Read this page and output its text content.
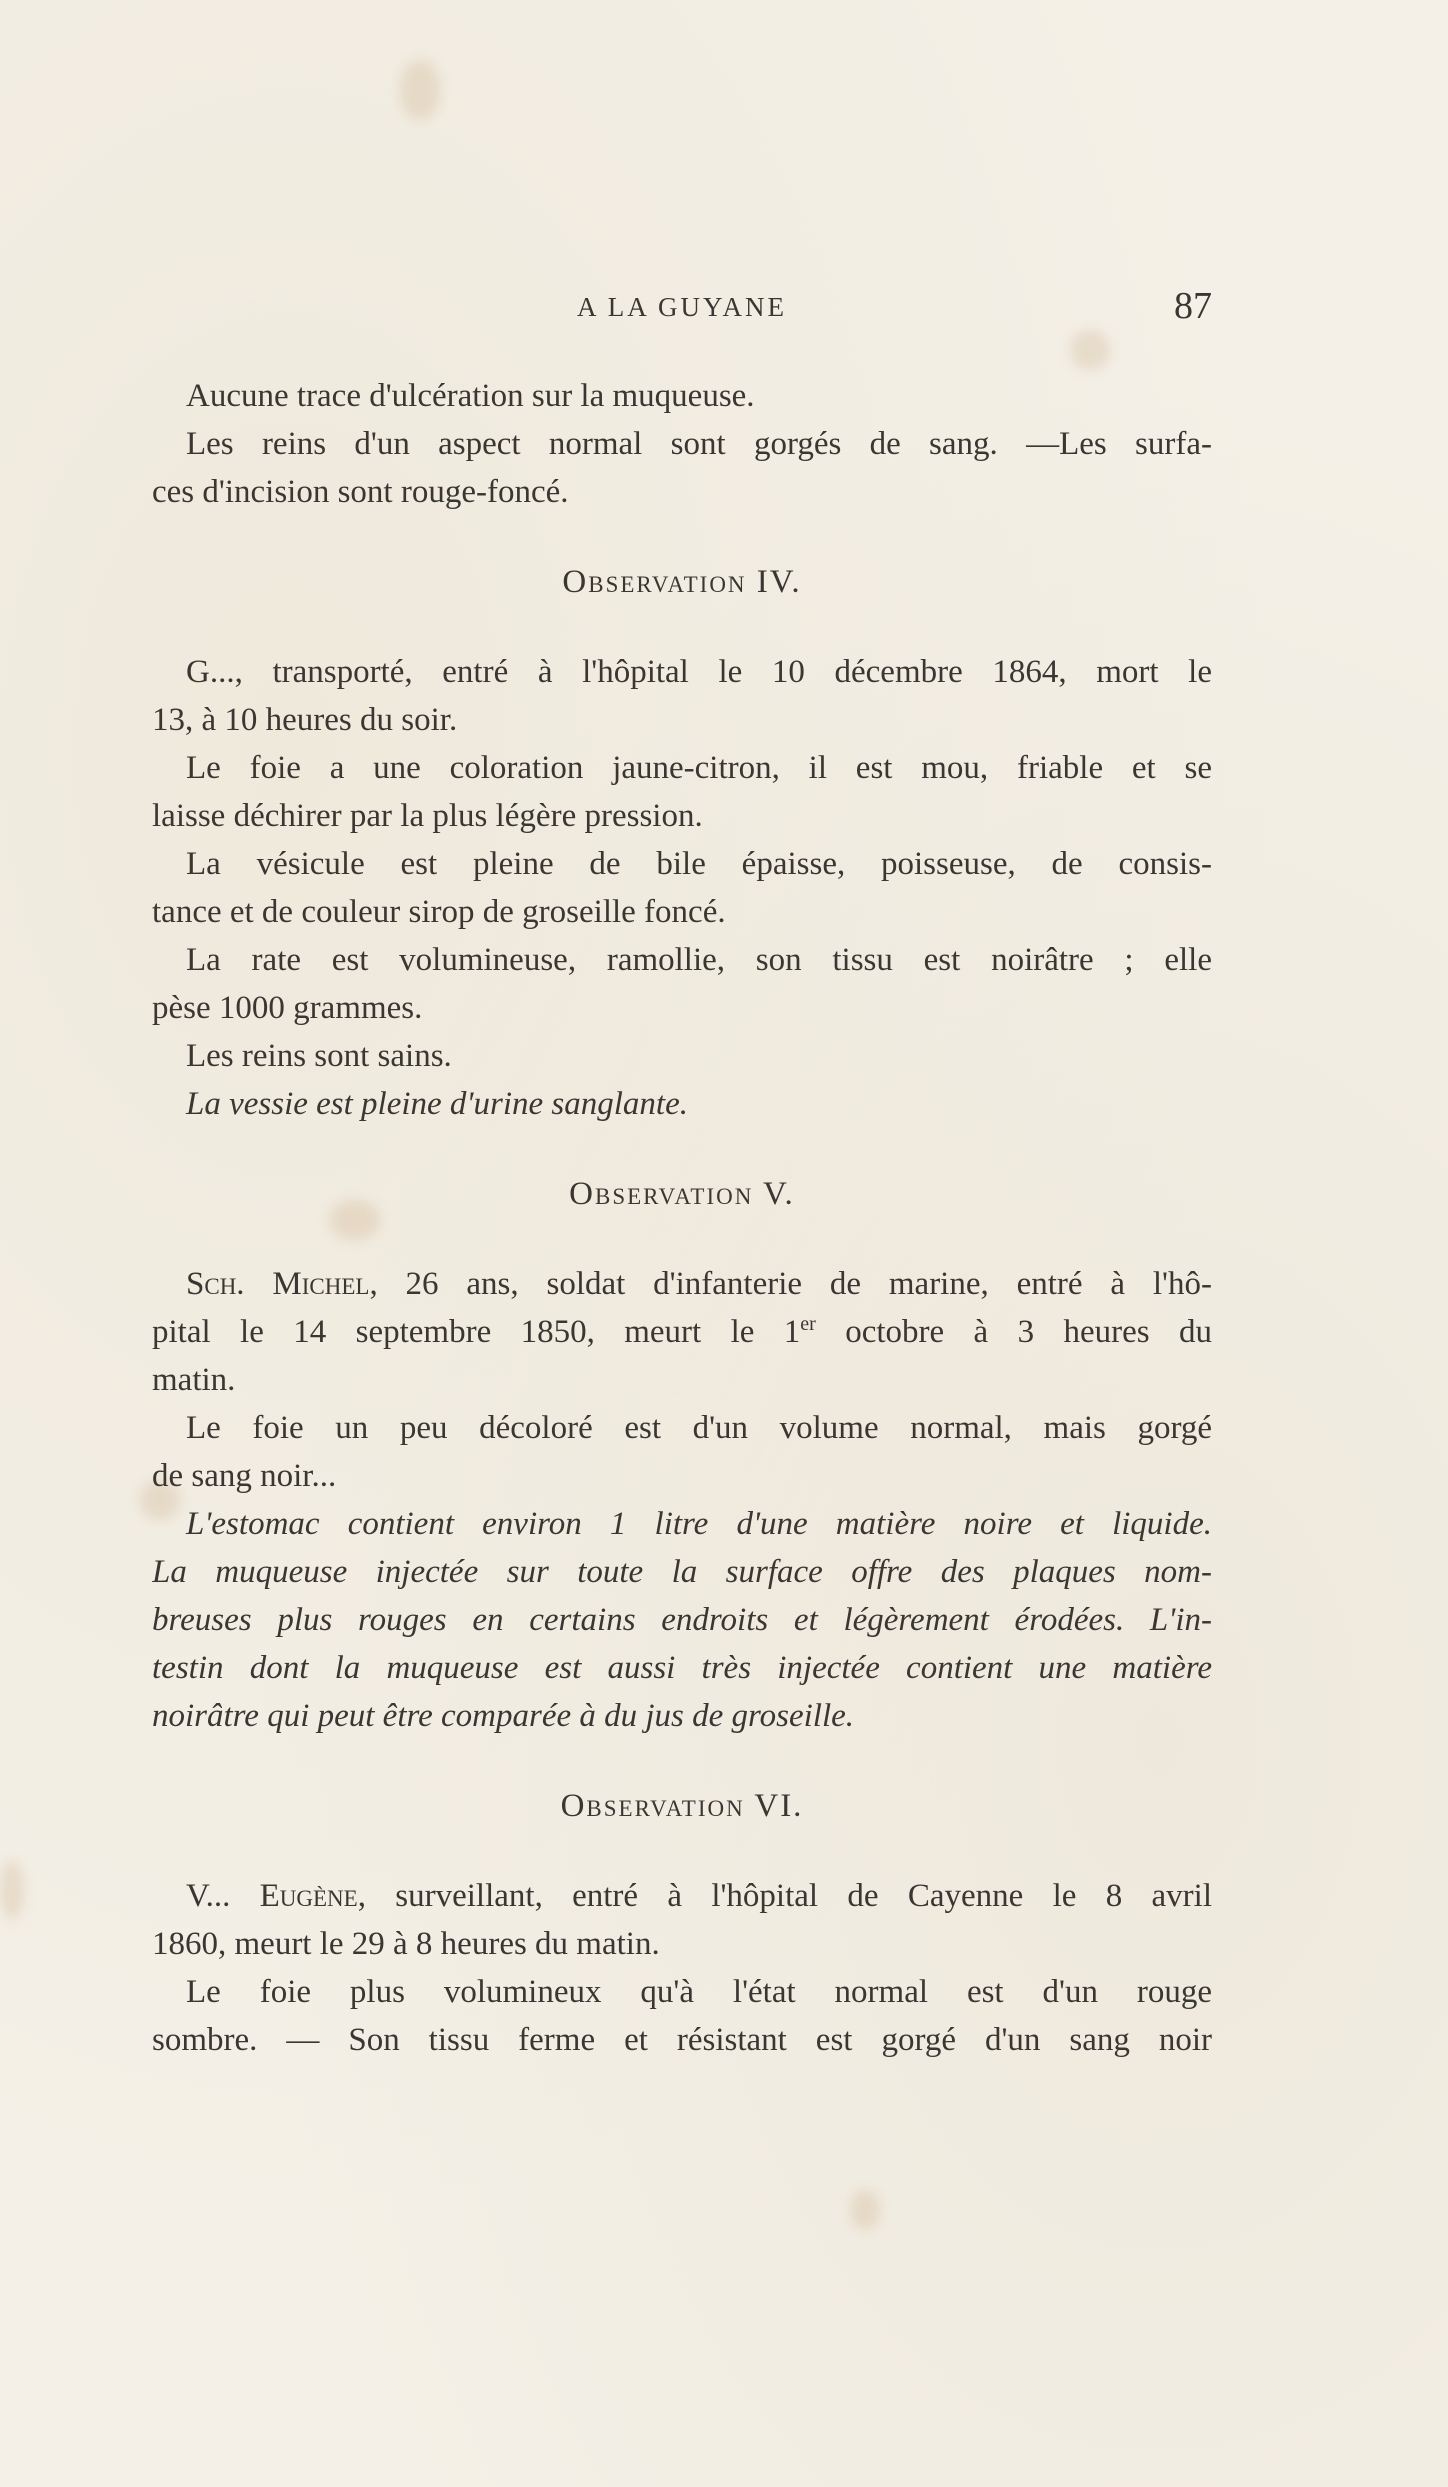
A LA GUYANE	87
Aucune trace d'ulcération sur la muqueuse.
Les reins d'un aspect normal sont gorgés de sang. —Les surfa-
ces d'incision sont rouge-foncé.
Observation IV.
G..., transporté, entré à l'hôpital le 10 décembre 1864, mort le
13, à 10 heures du soir.
Le foie a une coloration jaune-citron, il est mou, friable et se
laisse déchirer par la plus légère pression.
La vésicule est pleine de bile épaisse, poisseuse, de consis-
tance et de couleur sirop de groseille foncé.
La rate est volumineuse, ramollie, son tissu est noirâtre ; elle
pèse 1000 grammes.
Les reins sont sains.
La vessie est pleine d'urine sanglante.
Observation V.
Sch. Michel, 26 ans, soldat d'infanterie de marine, entré à l'hô-
pital le 14 septembre 1850, meurt le 1er octobre à 3 heures du
matin.
Le foie un peu décoloré est d'un volume normal, mais gorgé
de sang noir...
L'estomac contient environ 1 litre d'une matière noire et liquide.
La muqueuse injectée sur toute la surface offre des plaques nom-
breuses plus rouges en certains endroits et légèrement érodées. L'in-
testin dont la muqueuse est aussi très injectée contient une matière
noirâtre qui peut être comparée à du jus de groseille.
Observation VI.
V... Eugène, surveillant, entré à l'hôpital de Cayenne le 8 avril
1860, meurt le 29 à 8 heures du matin.
Le foie plus volumineux qu'à l'état normal est d'un rouge
sombre. — Son tissu ferme et résistant est gorgé d'un sang noir
